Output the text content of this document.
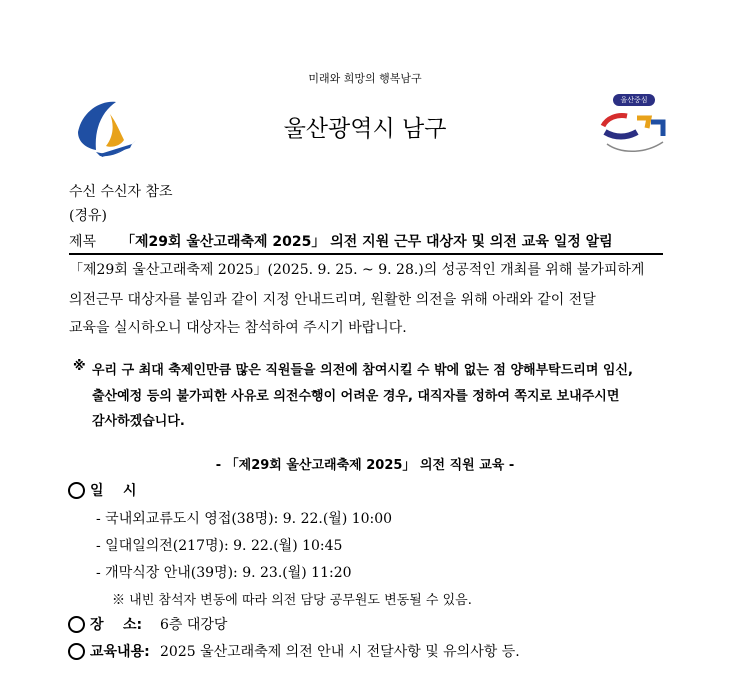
미래와 희망의 행복남구
울산광역시 남구
울산중심
수신 수신자 참조
(경유)
제목 「제29회 울산고래축제 2025」 의전 지원 근무 대상자 및 의전 교육 일정 알림
「제29회 울산고래축제 2025」(2025. 9. 25. ~ 9. 28.)의 성공적인 개최를 위해 불가피하게
의전근무 대상자를 붙임과 같이 지정 안내드리며, 원활한 의전을 위해 아래와 같이 전달
교육을 실시하오니 대상자는 참석하여 주시기 바랍니다.
※ 우리 구 최대 축제인만큼 많은 직원들을 의전에 참여시킬 수 밖에 없는 점 양해부탁드리며 임신,
출산예정 등의 불가피한 사유로 의전수행이 어려운 경우, 대직자를 정하여 쪽지로 보내주시면
감사하겠습니다.
- 「제29회 울산고래축제 2025」 의전 직원 교육 -
일    시
- 국내외교류도시 영접(38명): 9. 22.(월) 10:00
- 일대일의전(217명): 9. 22.(월) 10:45
- 개막식장 안내(39명): 9. 23.(월) 11:20
※ 내빈 참석자 변동에 따라 의전 담당 공무원도 변동될 수 있음.
장    소: 6층 대강당
교육내용: 2025 울산고래축제 의전 안내 시 전달사항 및 유의사항 등.
